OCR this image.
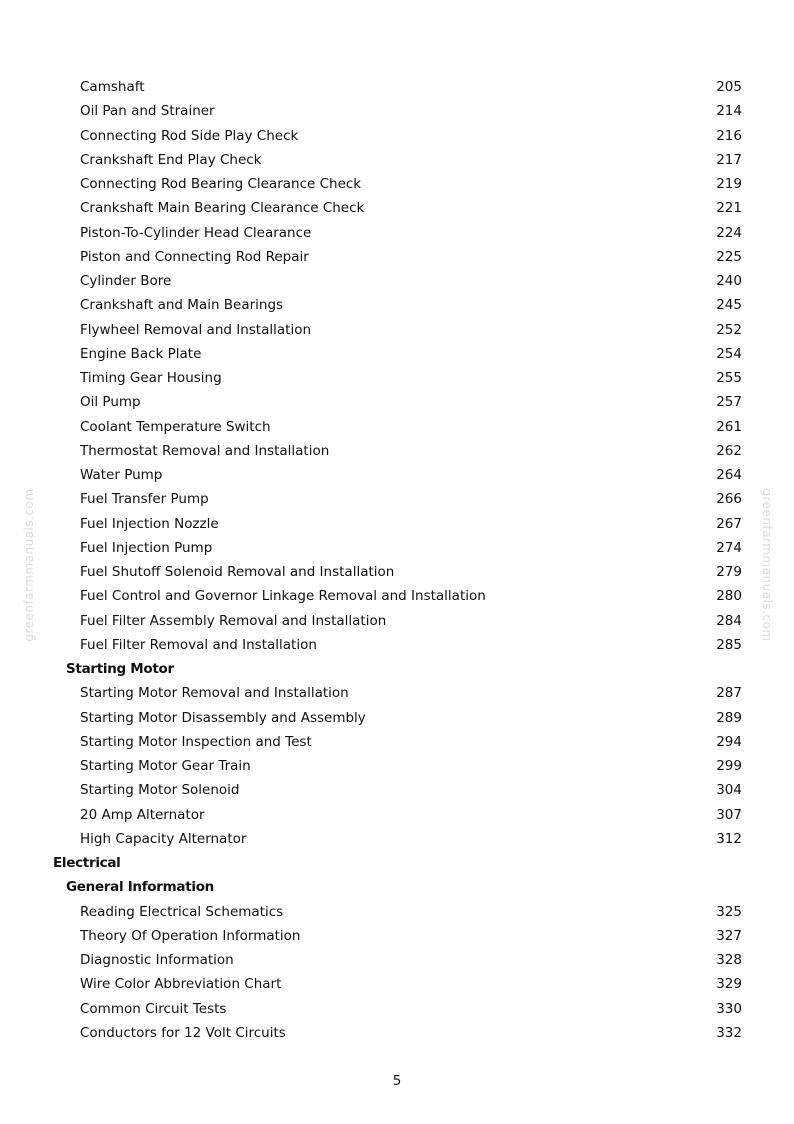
Camshaft	205
Oil Pan and Strainer	214
Connecting Rod Side Play Check	216
Crankshaft End Play Check	217
Connecting Rod Bearing Clearance Check	219
Crankshaft Main Bearing Clearance Check	221
Piston-To-Cylinder Head Clearance	224
Piston and Connecting Rod Repair	225
Cylinder Bore	240
Crankshaft and Main Bearings	245
Flywheel Removal and Installation	252
Engine Back Plate	254
Timing Gear Housing	255
Oil Pump	257
Coolant Temperature Switch	261
Thermostat Removal and Installation	262
Water Pump	264
Fuel Transfer Pump	266
Fuel Injection Nozzle	267
Fuel Injection Pump	274
Fuel Shutoff Solenoid Removal and Installation	279
Fuel Control and Governor Linkage Removal and Installation	280
Fuel Filter Assembly Removal and Installation	284
Fuel Filter Removal and Installation	285
Starting Motor
Starting Motor Removal and Installation	287
Starting Motor Disassembly and Assembly	289
Starting Motor Inspection and Test	294
Starting Motor Gear Train	299
Starting Motor Solenoid	304
20 Amp Alternator	307
High Capacity Alternator	312
Electrical
General Information
Reading Electrical Schematics	325
Theory Of Operation Information	327
Diagnostic Information	328
Wire Color Abbreviation Chart	329
Common Circuit Tests	330
Conductors for 12 Volt Circuits	332
5
greenfarmmanuals.com	greenfarmmanuals.com
